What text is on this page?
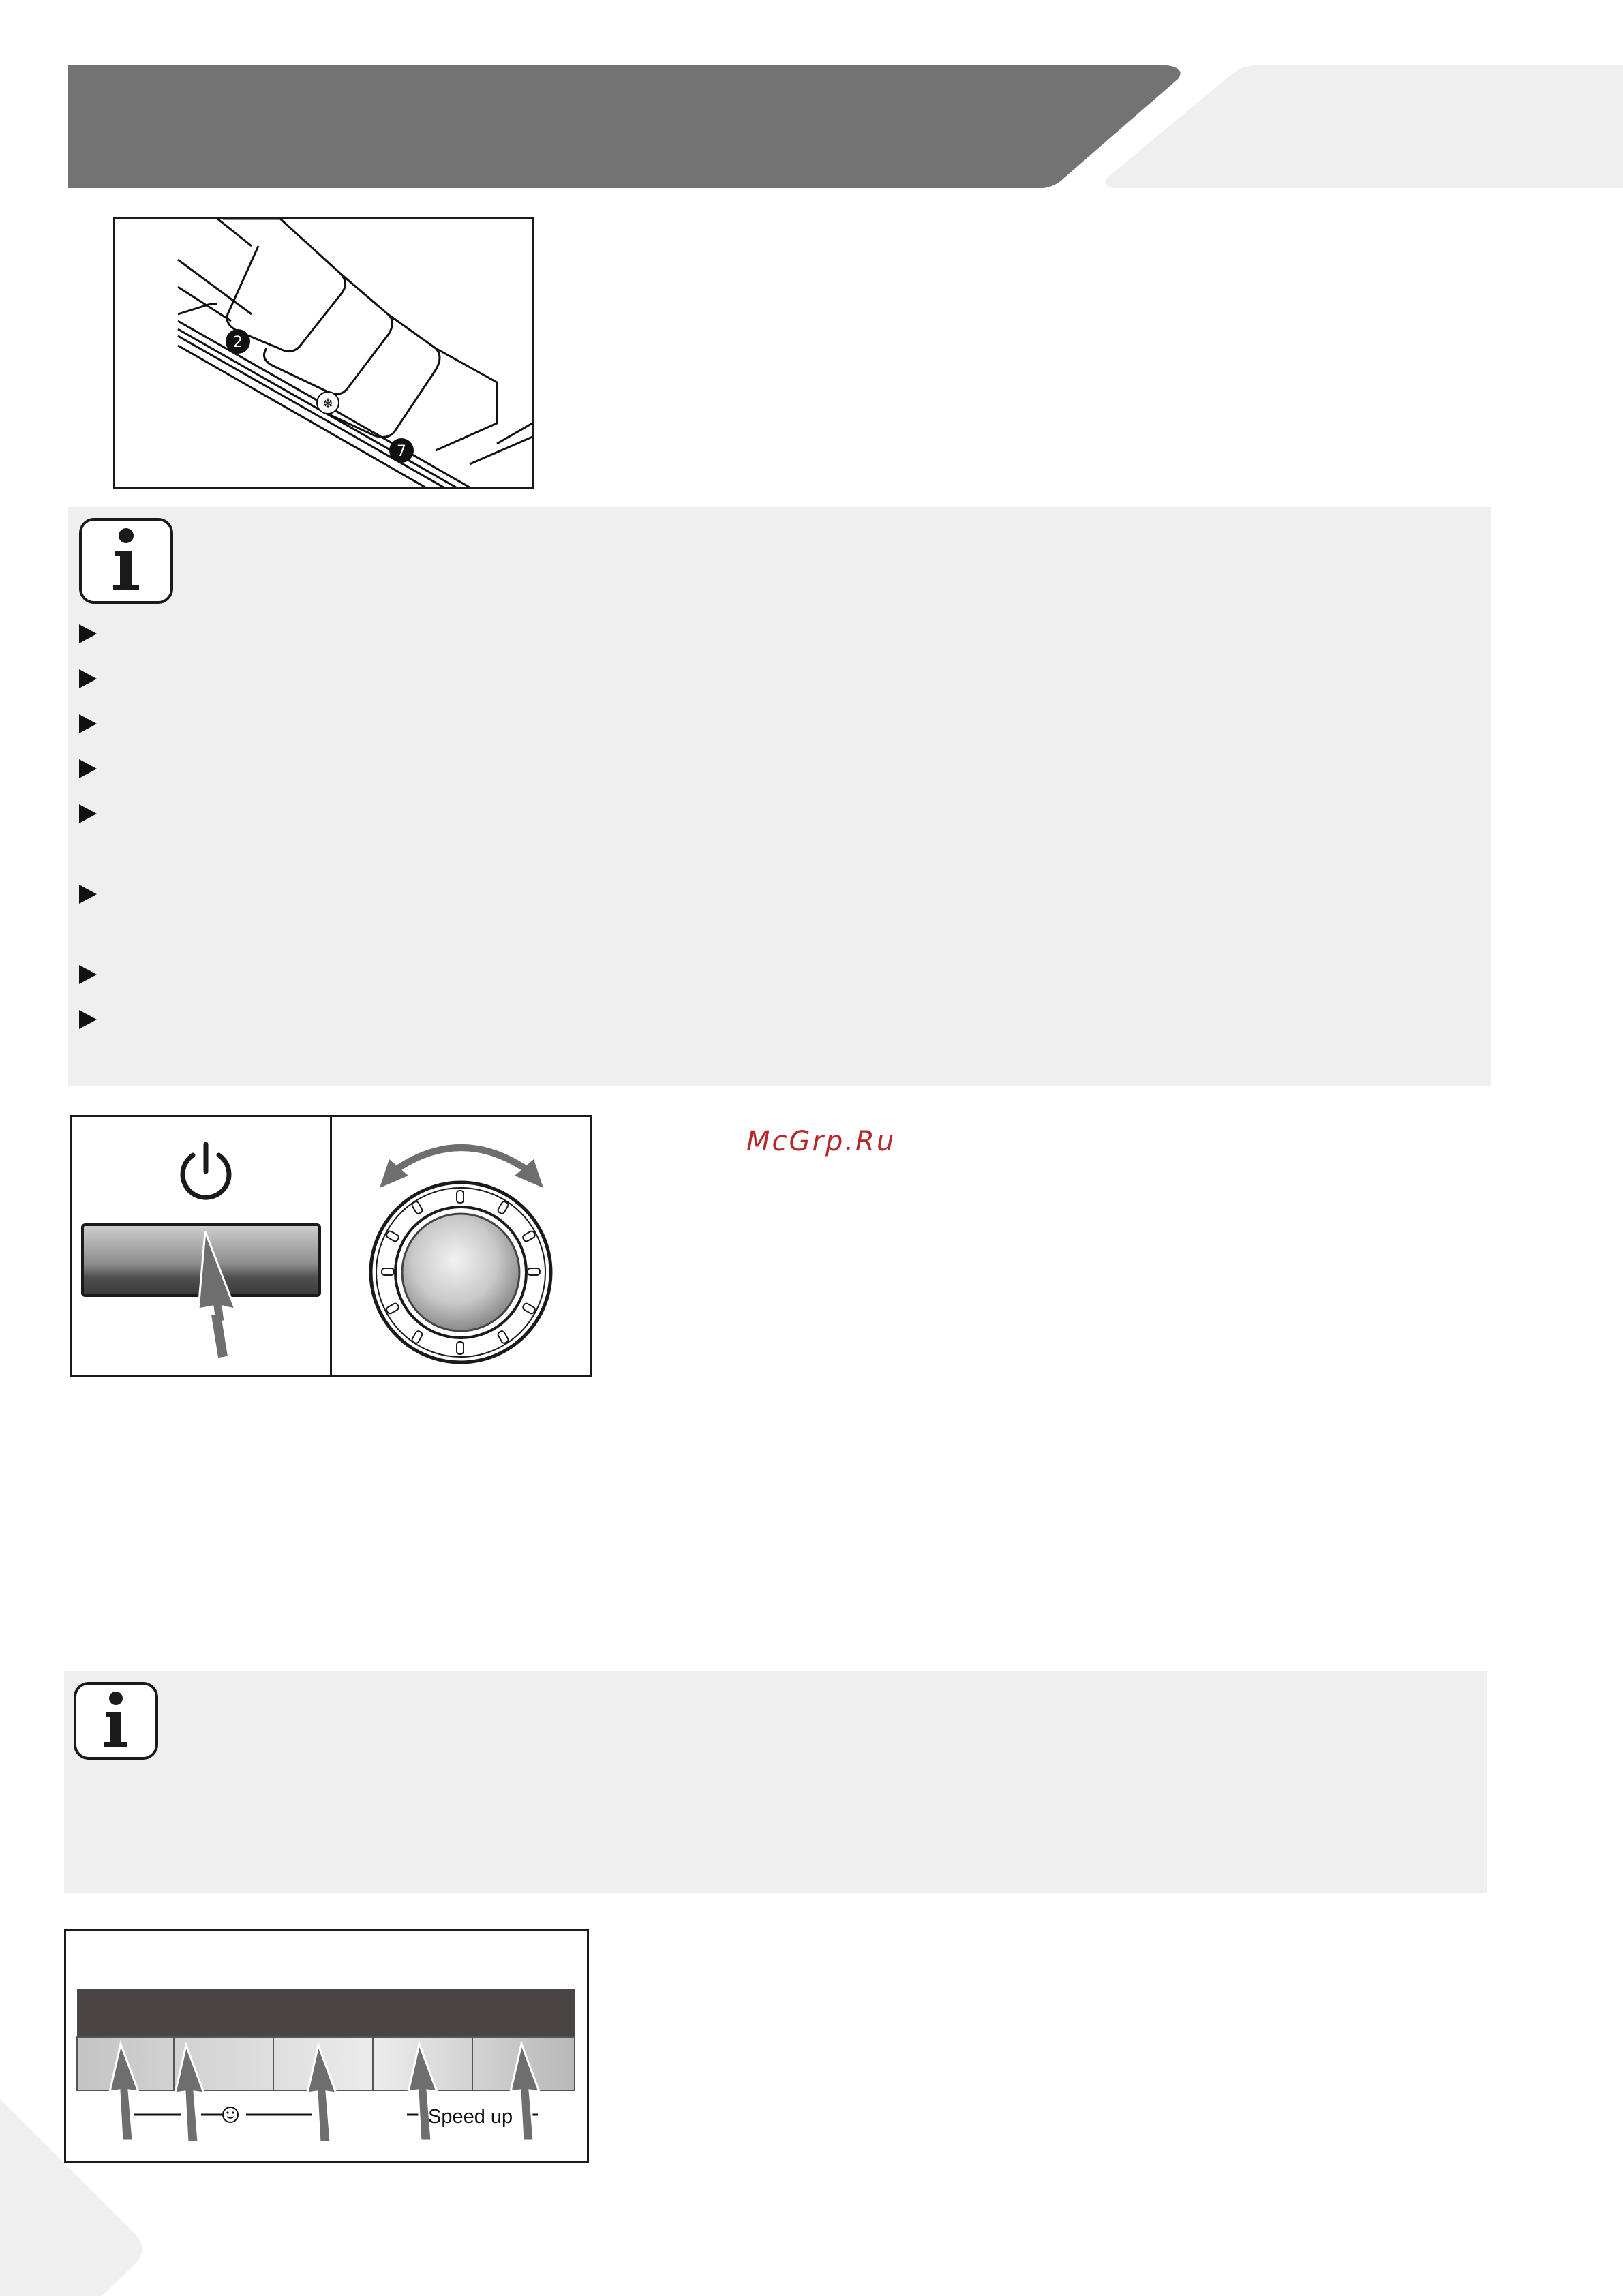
2
❄
7
McGrp.Ru
Speed up
